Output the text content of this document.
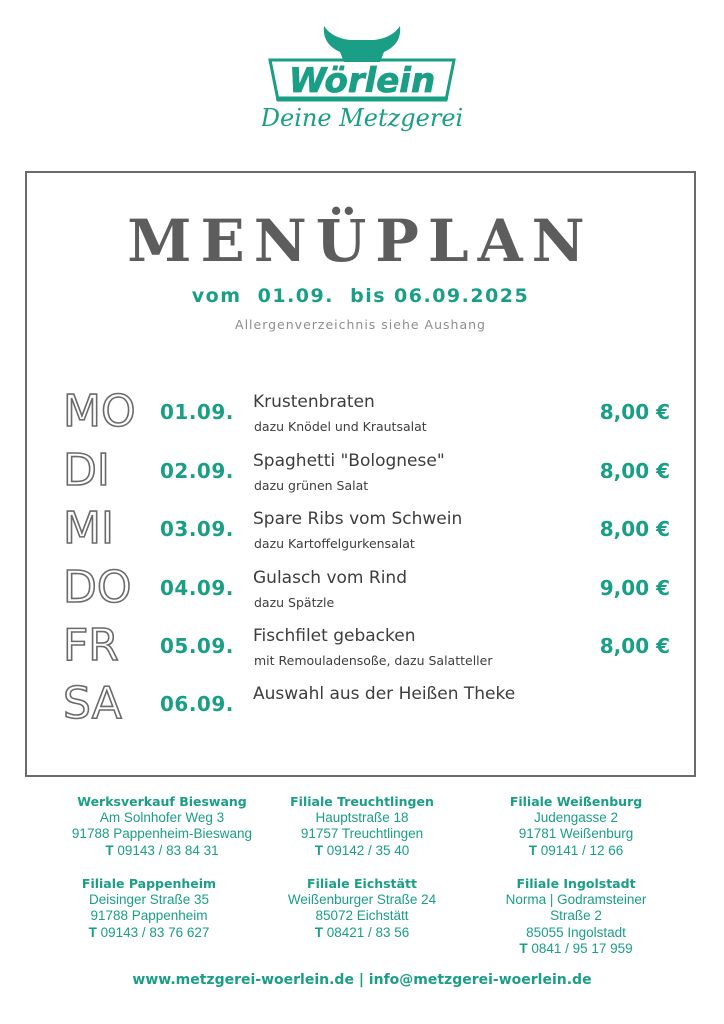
Wörlein
Deine Metzgerei
MENÜPLAN
vom 01.09. bis 06.09.2025
Allergenverzeichnis siehe Aushang
MO	01.09. Krustenbraten
dazu Knödel und Krautsalat
8,00 €
DI	02.09. Spaghetti "Bolognese"
dazu grünen Salat
8,00 €
MI	03.09. Spare Ribs vom Schwein
dazu Kartoffelgurkensalat
8,00 €
DO	04.09. Gulasch vom Rind
dazu Spätzle
9,00 €
FR	05.09. Fischfilet gebacken
mit Remouladensoße, dazu Salatteller
8,00 €
SA	06.09. Auswahl aus der Heißen Theke
Werksverkauf Bieswang
Am Solnhofer Weg 3
91788 Pappenheim-Bieswang
T 09143 / 83 84 31
Filiale Treuchtlingen
Hauptstraße 18
91757 Treuchtlingen
T 09142 / 35 40
Filiale Weißenburg
Judengasse 2
91781 Weißenburg
T 09141 / 12 66
Filiale Pappenheim
Deisinger Straße 35
91788 Pappenheim
T 09143 / 83 76 627
Filiale Eichstätt
Weißenburger Straße 24
85072 Eichstätt
T 08421 / 83 56
Filiale Ingolstadt
Norma | Godramsteiner
Straße 2
85055 Ingolstadt
T 0841 / 95 17 959
www.metzgerei-woerlein.de | info@metzgerei-woerlein.de
